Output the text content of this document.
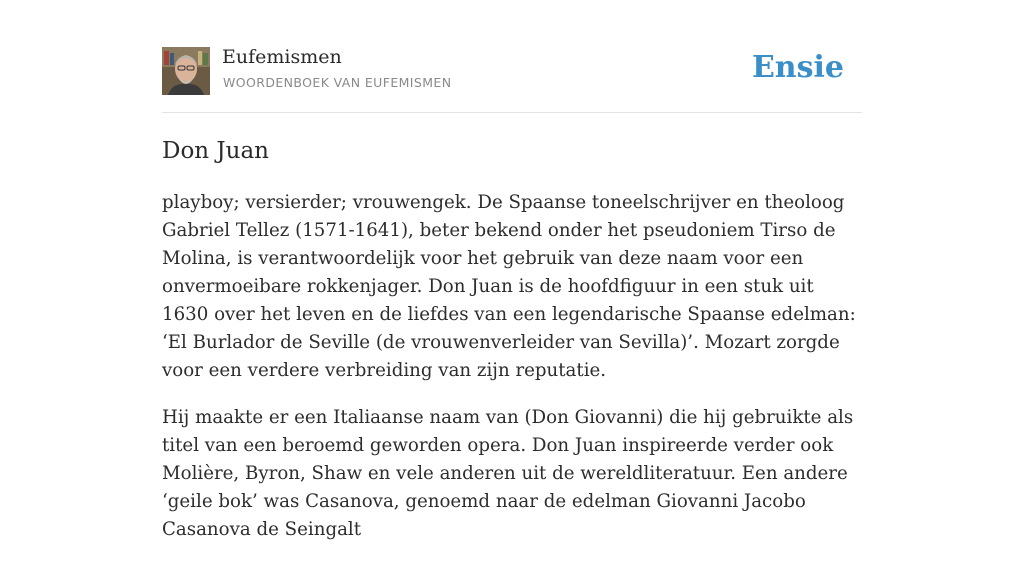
Eufemismen
WOORDENBOEK VAN EUFEMISMEN	Ensie
Don Juan

playboy; versierder; vrouwengek. De Spaanse toneelschrijver en theoloog Gabriel Tellez (1571-1641), beter bekend onder het pseudoniem Tirso de Molina, is verantwoordelijk voor het gebruik van deze naam voor een onvermoeibare rokkenjager. Don Juan is de hoofdfiguur in een stuk uit 1630 over het leven en de liefdes van een legendarische Spaanse edelman: ‘El Burlador de Seville (de vrouwenverleider van Sevilla)’. Mozart zorgde voor een verdere verbreiding van zijn reputatie.

Hij maakte er een Italiaanse naam van (Don Giovanni) die hij gebruikte als titel van een beroemd geworden opera. Don Juan inspireerde verder ook Molière, Byron, Shaw en vele anderen uit de wereldliteratuur. Een andere ‘geile bok’ was Casanova, genoemd naar de edelman Giovanni Jacobo Casanova de Seingalt
